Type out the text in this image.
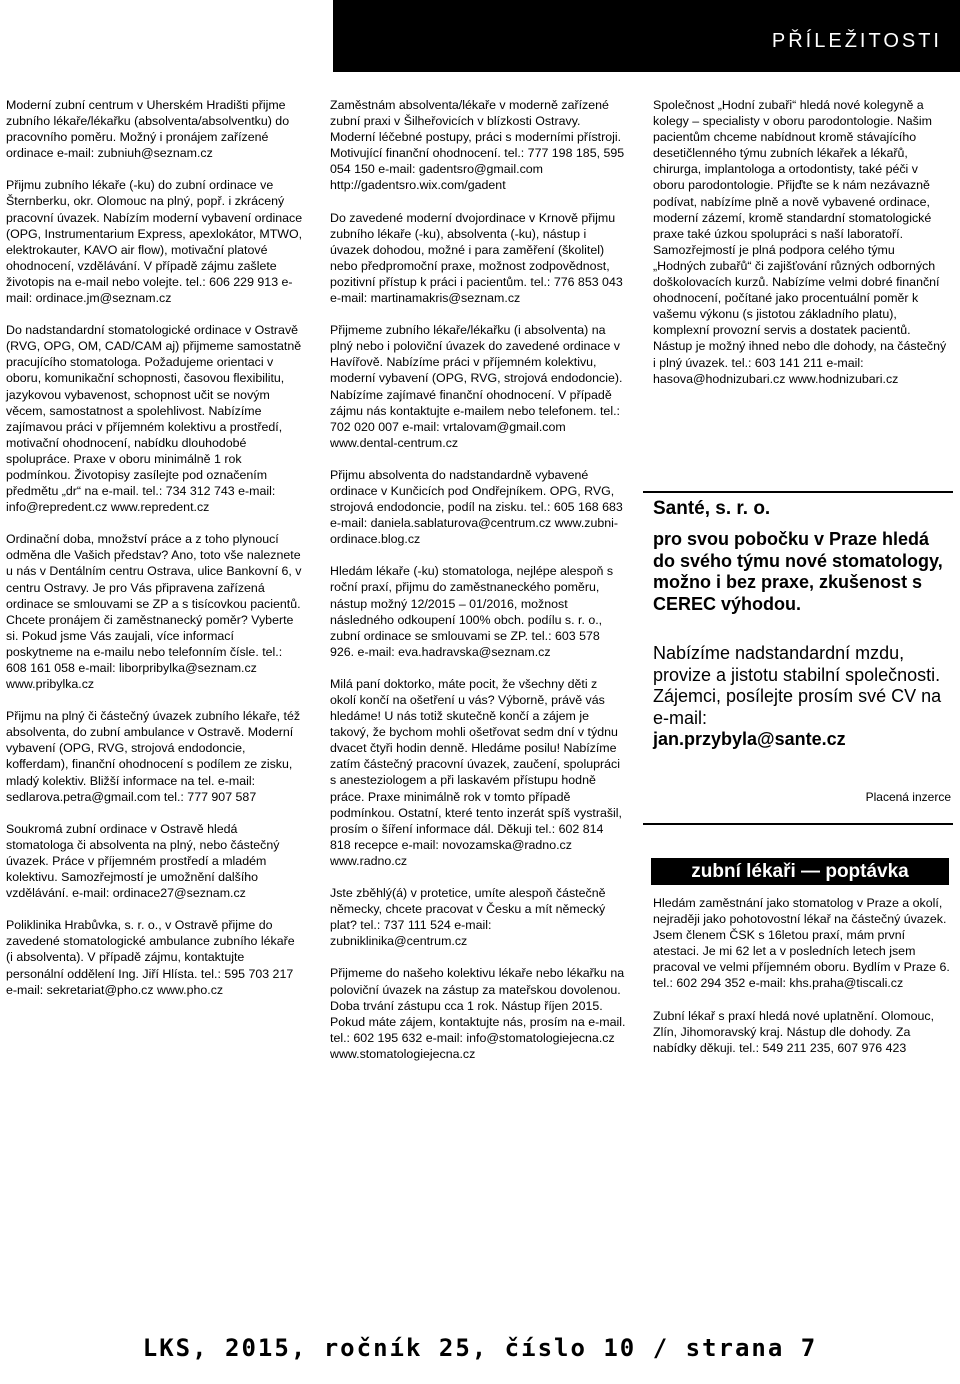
PŘÍLEŽITOSTI

Moderní zubní centrum v Uherském Hradišti přijme zubního lékaře/lékařku (absolventa/absolventku) do pracovního poměru. Možný i pronájem zařízené ordinace e-mail: zubniuh@seznam.cz

Přijmu zubního lékaře (-ku) do zubní ordinace ve Šternberku, okr. Olomouc na plný, popř. i zkrácený pracovní úvazek. Nabízím moderní vybavení ordinace (OPG, Instrumentarium Express, apexlokátor, MTWO, elektrokauter, KAVO air flow), motivační platové ohodnocení, vzdělávání. V případě zájmu zašlete životopis na e-mail nebo volejte. tel.: 606 229 913 e-mail: ordinace.jm@seznam.cz

Do nadstandardní stomatologické ordinace v Ostravě (RVG, OPG, OM, CAD/CAM aj) přijmeme samostatně pracujícího stomatologa. Požadujeme orientaci v oboru, komunikační schopnosti, časovou flexibilitu, jazykovou vybavenost, schopnost učit se novým věcem, samostatnost a spolehlivost. Nabízíme zajímavou práci v příjemném kolektivu a prostředí, motivační ohodnocení, nabídku dlouhodobé spolupráce. Praxe v oboru minimálně 1 rok podmínkou. Životopisy zasílejte pod označením předmětu „dr“ na e-mail. tel.: 734 312 743 e-mail: info@repredent.cz www.repredent.cz

Ordinační doba, množství práce a z toho plynoucí odměna dle Vašich představ? Ano, toto vše naleznete u nás v Dentálním centru Ostrava, ulice Bankovní 6, v centru Ostravy. Je pro Vás připravena zařízená ordinace se smlouvami se ZP a s tisícovkou pacientů. Chcete pronájem či zaměstnanecký poměr? Vyberte si. Pokud jsme Vás zaujali, více informací poskytneme na e-mailu nebo telefonním čísle. tel.: 608 161 058 e-mail: liborpribylka@seznam.cz www.pribylka.cz

Přijmu na plný či částečný úvazek zubního lékaře, též absolventa, do zubní ambulance v Ostravě. Moderní vybavení (OPG, RVG, strojová endodoncie, kofferdam), finanční ohodnocení s podílem ze zisku, mladý kolektiv. Bližší informace na tel. e-mail: sedlarova.petra@gmail.com tel.: 777 907 587

Soukromá zubní ordinace v Ostravě hledá stomatologa či absolventa na plný, nebo částečný úvazek. Práce v příjemném prostředí a mladém kolektivu. Samozřejmostí je umožnění dalšího vzdělávání. e-mail: ordinace27@seznam.cz

Poliklinika Hrabůvka, s. r. o., v Ostravě přijme do zavedené stomatologické ambulance zubního lékaře (i absolventa). V případě zájmu, kontaktujte personální oddělení Ing. Jiří Hlísta. tel.: 595 703 217 e-mail: sekretariat@pho.cz www.pho.cz

Zaměstnám absolventa/lékaře v moderně zařízené zubní praxi v Šilheřovicích v blízkosti Ostravy. Moderní léčebné postupy, práci s moderními přístroji. Motivující finanční ohodnocení. tel.: 777 198 185, 595 054 150 e-mail: gadentsro@gmail.com http://gadentsro.wix.com/gadent

Do zavedené moderní dvojordinace v Krnově přijmu zubního lékaře (-ku), absolventa (-ku), nástup i úvazek dohodou, možné i para zaměření (školitel) nebo předpromoční praxe, možnost zodpovědnost, pozitivní přístup k práci i pacientům. tel.: 776 853 043 e-mail: martinamakris@seznam.cz

Přijmeme zubního lékaře/lékařku (i absolventa) na plný nebo i poloviční úvazek do zavedené ordinace v Havířově. Nabízíme práci v příjemném kolektivu, moderní vybavení (OPG, RVG, strojová endodoncie). Nabízíme zajímavé finanční ohodnocení. V případě zájmu nás kontaktujte e-mailem nebo telefonem. tel.: 702 020 007 e-mail: vrtalovam@gmail.com www.dental-centrum.cz

Přijmu absolventa do nadstandardně vybavené ordinace v Kunčicích pod Ondřejníkem. OPG, RVG, strojová endodoncie, podíl na zisku. tel.: 605 168 683 e-mail: daniela.sablaturova@centrum.cz www.zubni-ordinace.blog.cz

Hledám lékaře (-ku) stomatologa, nejlépe alespoň s roční praxí, přijmu do zaměstnaneckého poměru, nástup možný 12/2015 – 01/2016, možnost následného odkoupení 100% obch. podílu s. r. o., zubní ordinace se smlouvami se ZP. tel.: 603 578 926. e-mail: eva.hadravska@seznam.cz

Milá paní doktorko, máte pocit, že všechny děti z okolí končí na ošetření u vás? Výborně, právě vás hledáme! U nás totiž skutečně končí a zájem je takový, že bychom mohli ošetřovat sedm dní v týdnu dvacet čtyři hodin denně. Hledáme posilu! Nabízíme zatím částečný pracovní úvazek, zaučení, spolupráci s anesteziologem a při laskavém přístupu hodně práce. Praxe minimálně rok v tomto případě podmínkou. Ostatní, které tento inzerát spíš vystrašil, prosím o šíření informace dál. Děkuji tel.: 602 814 818 recepce e-mail: novozamska@radno.cz www.radno.cz

Jste zběhlý(á) v protetice, umíte alespoň částečně německy, chcete pracovat v Česku a mít německý plat? tel.: 737 111 524 e-mail: zubniklinika@centrum.cz

Přijmeme do našeho kolektivu lékaře nebo lékařku na poloviční úvazek na zástup za mateřskou dovolenou. Doba trvání zástupu cca 1 rok. Nástup říjen 2015. Pokud máte zájem, kontaktujte nás, prosím na e-mail. tel.: 602 195 632 e-mail: info@stomatologiejecna.cz www.stomatologiejecna.cz

Společnost „Hodní zubaři“ hledá nové kolegyně a kolegy – specialisty v oboru parodontologie. Našim pacientům chceme nabídnout kromě stávajícího desetičlenného týmu zubních lékařek a lékařů, chirurga, implantologa a ortodontisty, také péči v oboru parodontologie. Přijďte se k nám nezávazně podívat, nabízíme plně a nově vybavené ordinace, moderní zázemí, kromě standardní stomatologické praxe také úzkou spolupráci s naší laboratoří. Samozřejmostí je plná podpora celého týmu „Hodných zubařů“ či zajišťování různých odborných doškolovacích kurzů. Nabízíme velmi dobré finanční ohodnocení, počítané jako procentuální poměr k vašemu výkonu (s jistotou základního platu), komplexní provozní servis a dostatek pacientů. Nástup je možný ihned nebo dle dohody, na částečný i plný úvazek. tel.: 603 141 211 e-mail: hasova@hodnizubari.cz www.hodnizubari.cz

Santé, s. r. o.
pro svou pobočku v Praze hledá do svého týmu nové stomatology, možno i bez praxe, zkušenost s CEREC výhodou.
Nabízíme nadstandardní mzdu, provize a jistotu stabilní společnosti. Zájemci, posílejte prosím své CV na e-mail:
jan.przybyla@sante.cz
Placená inzerce
zubní lékaři — poptávka

Hledám zaměstnání jako stomatolog v Praze a okolí, nejraději jako pohotovostní lékař na částečný úvazek. Jsem členem ČSK s 16letou praxí, mám první atestaci. Je mi 62 let a v posledních letech jsem pracoval ve velmi příjemném oboru. Bydlím v Praze 6. tel.: 602 294 352 e-mail: khs.praha@tiscali.cz

Zubní lékař s praxí hledá nové uplatnění. Olomouc, Zlín, Jihomoravský kraj. Nástup dle dohody. Za nabídky děkuji. tel.: 549 211 235, 607 976 423

LKS, 2015, ročník 25, číslo 10 / strana 7
